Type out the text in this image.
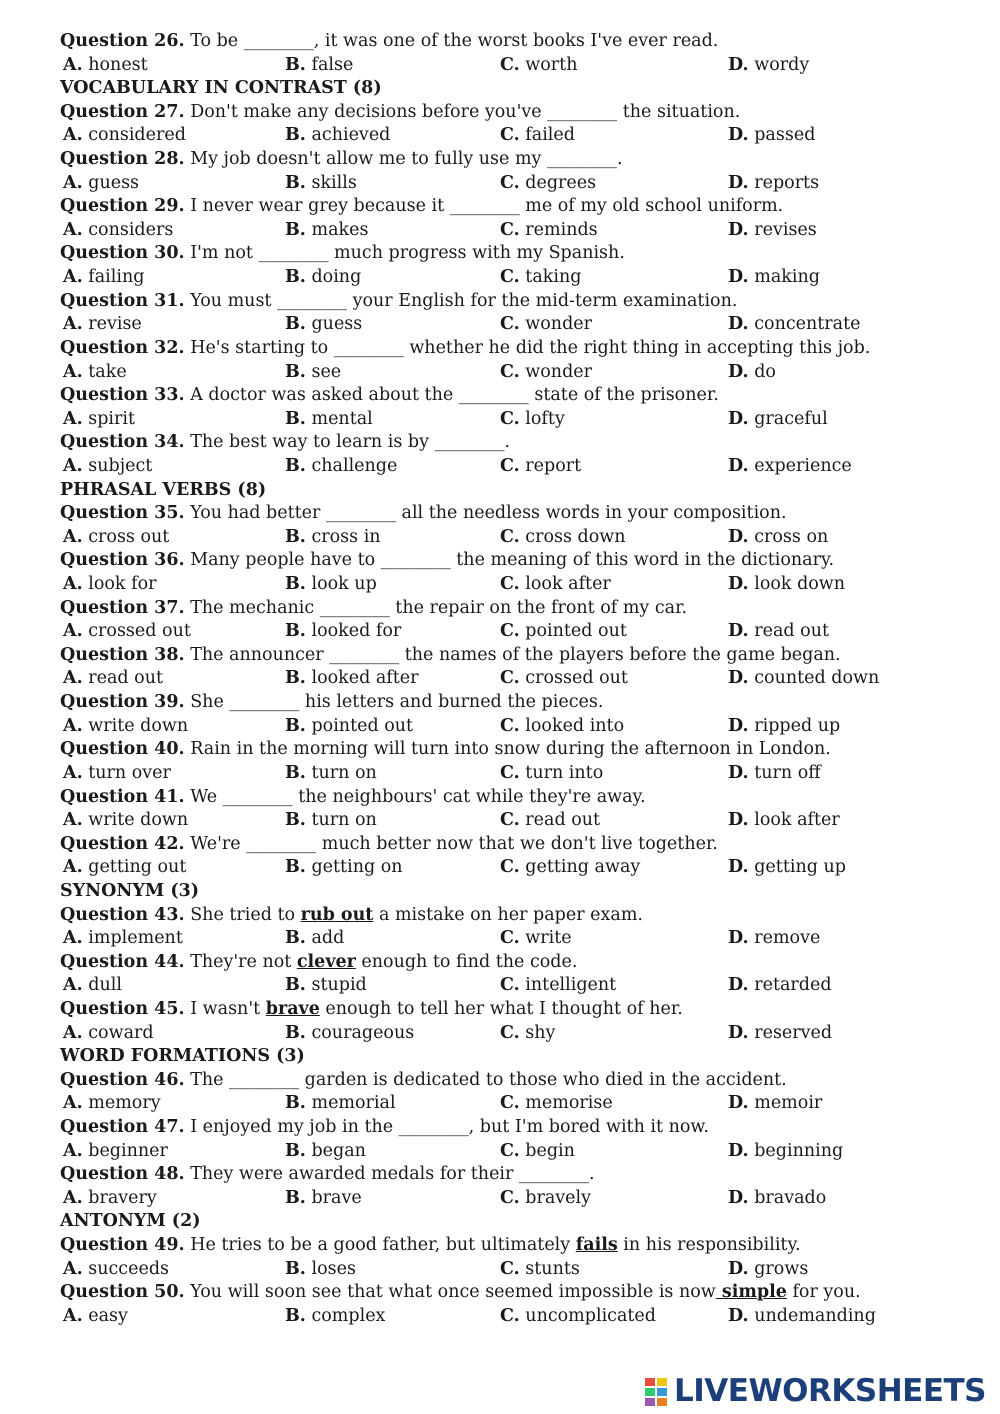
Question 26. To be ________, it was one of the worst books I've ever read.
A. honest	B. false	C. worth	D. wordy
VOCABULARY IN CONTRAST (8)
Question 27. Don't make any decisions before you've ________ the situation.
A. considered	B. achieved	C. failed	D. passed
Question 28. My job doesn't allow me to fully use my ________.
A. guess	B. skills	C. degrees	D. reports
Question 29. I never wear grey because it ________ me of my old school uniform.
A. considers	B. makes	C. reminds	D. revises
Question 30. I'm not ________ much progress with my Spanish.
A. failing	B. doing	C. taking	D. making
Question 31. You must ________ your English for the mid-term examination.
A. revise	B. guess	C. wonder	D. concentrate
Question 32. He's starting to ________ whether he did the right thing in accepting this job.
A. take	B. see	C. wonder	D. do
Question 33. A doctor was asked about the ________ state of the prisoner.
A. spirit	B. mental	C. lofty	D. graceful
Question 34. The best way to learn is by ________.
A. subject	B. challenge	C. report	D. experience
PHRASAL VERBS (8)
Question 35. You had better ________ all the needless words in your composition.
A. cross out	B. cross in	C. cross down	D. cross on
Question 36. Many people have to ________ the meaning of this word in the dictionary.
A. look for	B. look up	C. look after	D. look down
Question 37. The mechanic ________ the repair on the front of my car.
A. crossed out	B. looked for	C. pointed out	D. read out
Question 38. The announcer ________ the names of the players before the game began.
A. read out	B. looked after	C. crossed out	D. counted down
Question 39. She ________ his letters and burned the pieces.
A. write down	B. pointed out	C. looked into	D. ripped up
Question 40. Rain in the morning will turn into snow during the afternoon in London.
A. turn over	B. turn on	C. turn into	D. turn off
Question 41. We ________ the neighbours' cat while they're away.
A. write down	B. turn on	C. read out	D. look after
Question 42. We're ________ much better now that we don't live together.
A. getting out	B. getting on	C. getting away	D. getting up
SYNONYM (3)
Question 43. She tried to rub out a mistake on her paper exam.
A. implement	B. add	C. write	D. remove
Question 44. They're not clever enough to find the code.
A. dull	B. stupid	C. intelligent	D. retarded
Question 45. I wasn't brave enough to tell her what I thought of her.
A. coward	B. courageous	C. shy	D. reserved
WORD FORMATIONS (3)
Question 46. The ________ garden is dedicated to those who died in the accident.
A. memory	B. memorial	C. memorise	D. memoir
Question 47. I enjoyed my job in the ________, but I'm bored with it now.
A. beginner	B. began	C. begin	D. beginning
Question 48. They were awarded medals for their ________.
A. bravery	B. brave	C. bravely	D. bravado
ANTONYM (2)
Question 49. He tries to be a good father, but ultimately fails in his responsibility.
A. succeeds	B. loses	C. stunts	D. grows
Question 50. You will soon see that what once seemed impossible is now simple for you.
A. easy	B. complex	C. uncomplicated	D. undemanding
LIVEWORKSHEETS
